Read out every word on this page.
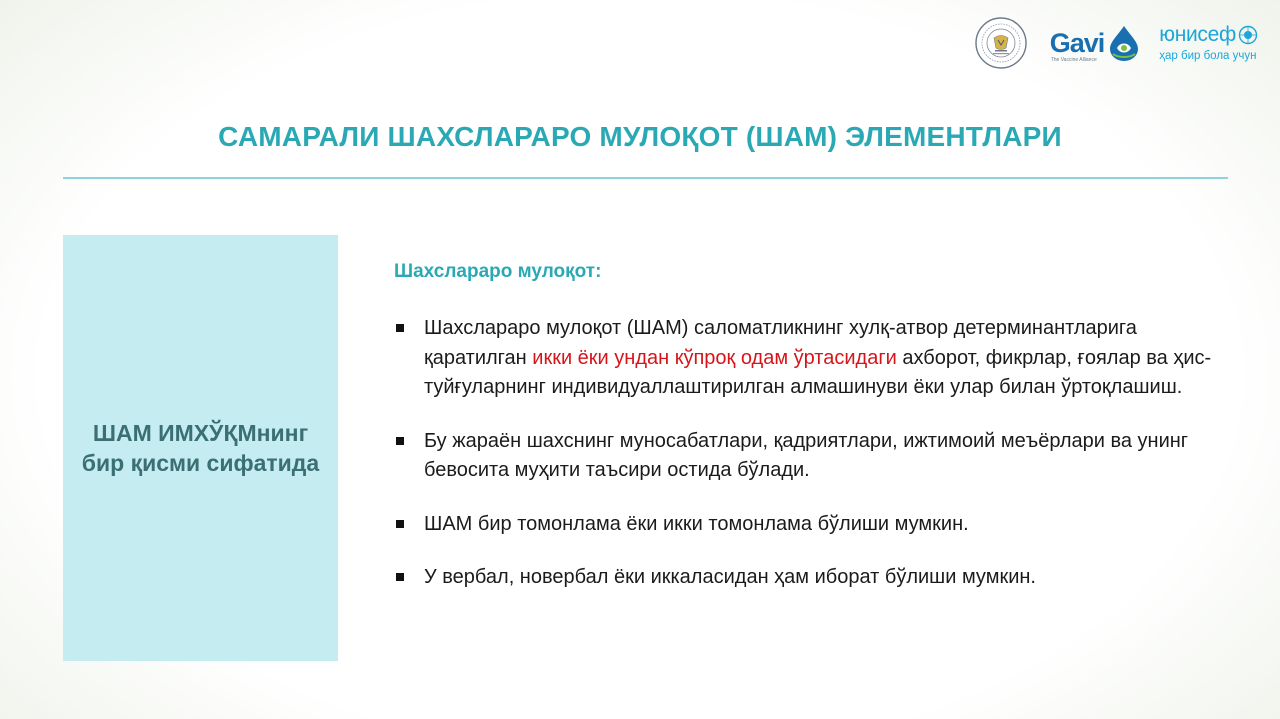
Gavi
The Vaccine Alliance
юнисеф
ҳар бир бола учун
САМАРАЛИ ШАХСЛАРАРО МУЛОҚОТ (ШАМ) ЭЛЕМЕНТЛАРИ
ШАМ ИМХЎҚМнинг бир қисми сифатида
Шахслараро мулоқот:
Шахслараро мулоқот (ШАМ) саломатликнинг хулқ-атвор детерминантларига қаратилган икки ёки ундан кўпроқ одам ўртасидаги ахборот, фикрлар, ғоялар ва ҳис-туйғуларнинг индивидуаллаштирилган алмашинуви ёки улар билан ўртоқлашиш.
Бу жараён шахснинг муносабатлари, қадриятлари, ижтимоий меъёрлари ва унинг бевосита муҳити таъсири остида бўлади.
ШАМ бир томонлама ёки икки томонлама бўлиши мумкин.
У вербал, новербал ёки иккаласидан ҳам иборат бўлиши мумкин.
